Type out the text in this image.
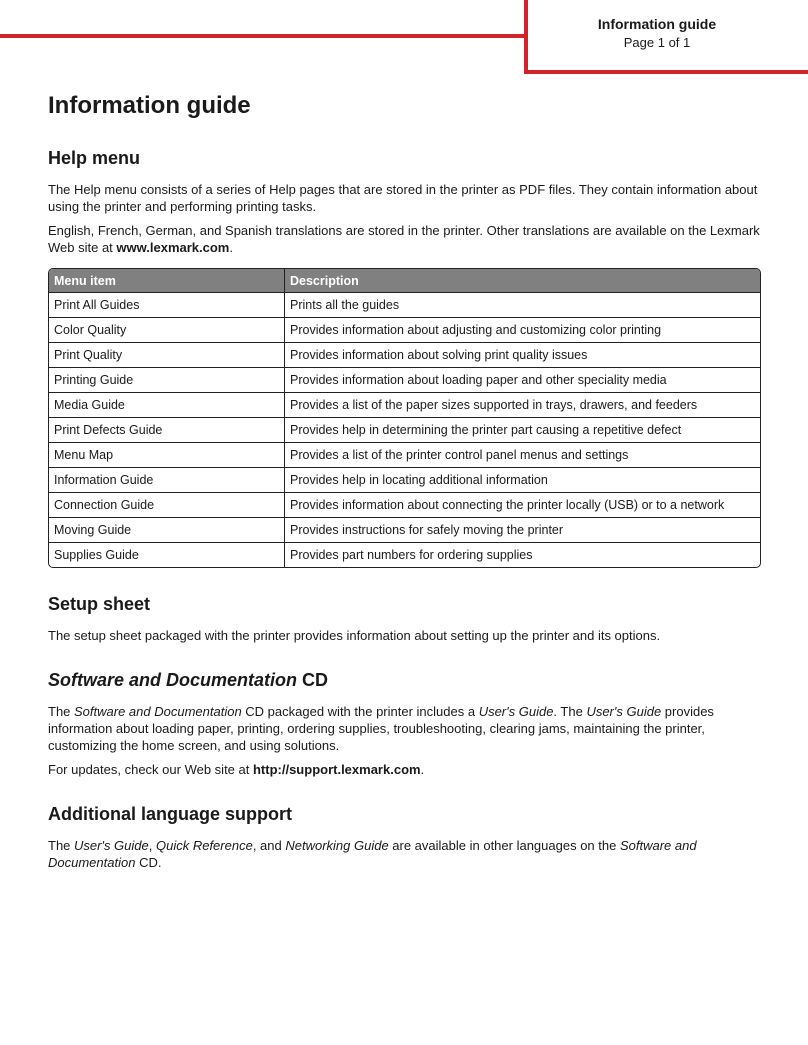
Information guide
Page 1 of 1
Information guide
Help menu

The Help menu consists of a series of Help pages that are stored in the printer as PDF files. They contain information about using the printer and performing printing tasks.

English, French, German, and Spanish translations are stored in the printer. Other translations are available on the Lexmark Web site at www.lexmark.com.

Menu item	Description
Print All Guides	Prints all the guides
Color Quality	Provides information about adjusting and customizing color printing
Print Quality	Provides information about solving print quality issues
Printing Guide	Provides information about loading paper and other speciality media
Media Guide	Provides a list of the paper sizes supported in trays, drawers, and feeders
Print Defects Guide	Provides help in determining the printer part causing a repetitive defect
Menu Map	Provides a list of the printer control panel menus and settings
Information Guide	Provides help in locating additional information
Connection Guide	Provides information about connecting the printer locally (USB) or to a network
Moving Guide	Provides instructions for safely moving the printer
Supplies Guide	Provides part numbers for ordering supplies
Setup sheet

The setup sheet packaged with the printer provides information about setting up the printer and its options.

Software and Documentation CD

The Software and Documentation CD packaged with the printer includes a User's Guide. The User's Guide provides information about loading paper, printing, ordering supplies, troubleshooting, clearing jams, maintaining the printer, customizing the home screen, and using solutions.

For updates, check our Web site at http://support.lexmark.com.

Additional language support

The User's Guide, Quick Reference, and Networking Guide are available in other languages on the Software and Documentation CD.
